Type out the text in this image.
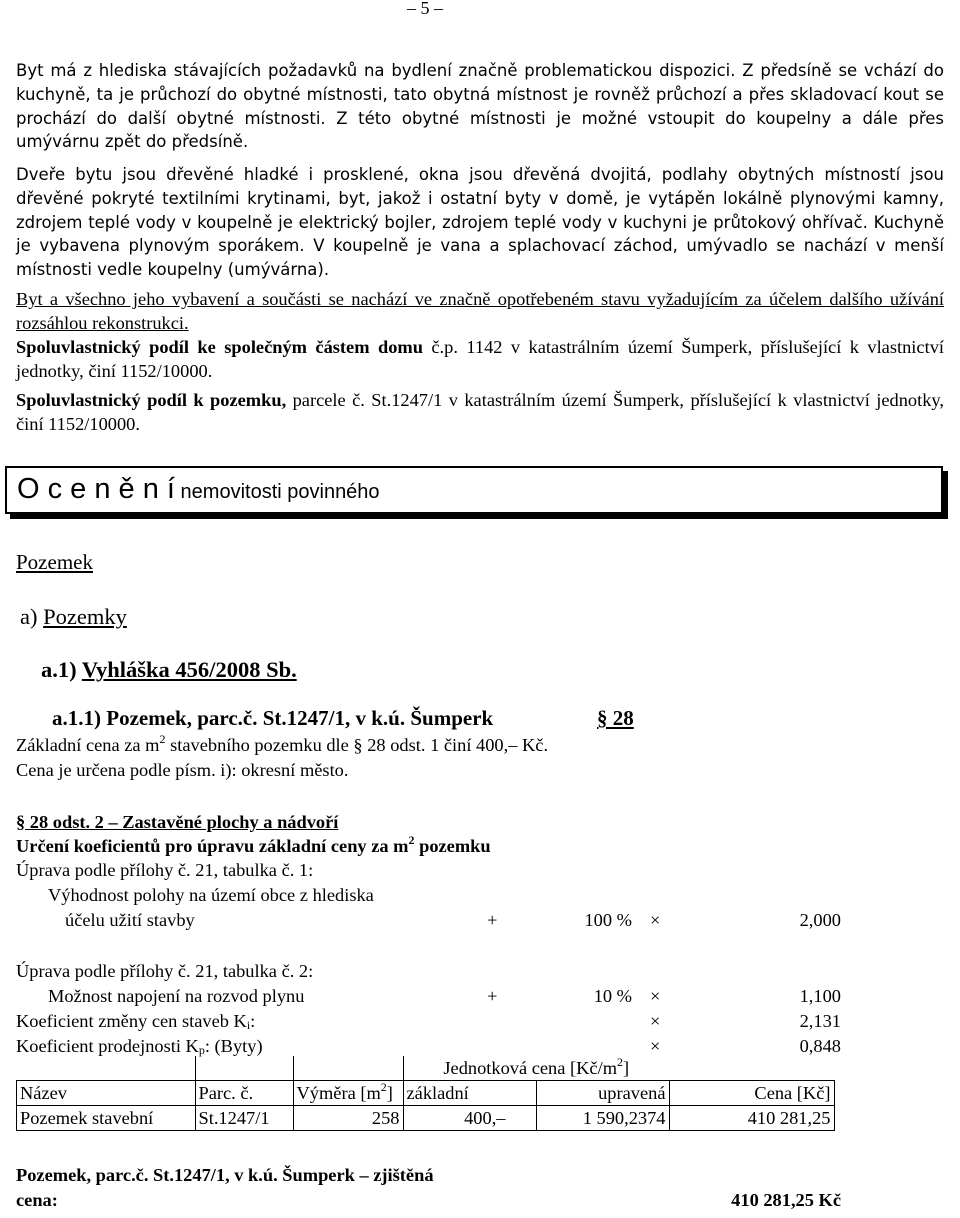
– 5 –
Byt má z hlediska stávajících požadavků na bydlení značně problematickou dispozici. Z předsíně se vchází do kuchyně, ta je průchozí do obytné místnosti, tato obytná místnost je rovněž průchozí a přes skladovací kout se prochází do další obytné místnosti. Z této obytné místnosti je možné vstoupit do koupelny a dále přes umývárnu zpět do předsíně.
Dveře bytu jsou dřevěné hladké i prosklené, okna jsou dřevěná dvojitá, podlahy obytných místností jsou dřevěné pokryté textilními krytinami, byt, jakož i ostatní byty v domě, je vytápěn lokálně plynovými kamny, zdrojem teplé vody v koupelně je elektrický bojler, zdrojem teplé vody v kuchyni je průtokový ohřívač. Kuchyně je vybavena plynovým sporákem. V koupelně je vana a splachovací záchod, umývadlo se nachází v menší místnosti vedle koupelny (umývárna).
Byt a všechno jeho vybavení a součásti se nachází ve značně opotřebeném stavu vyžadujícím za účelem dalšího užívání rozsáhlou rekonstrukci.
Spoluvlastnický podíl ke společným částem domu č.p. 1142 v katastrálním území Šumperk, příslušející k vlastnictví jednotky, činí 1152/10000.
Spoluvlastnický podíl k pozemku, parcele č. St.1247/1 v katastrálním území Šumperk, příslušející k vlastnictví jednotky, činí 1152/10000.
O c e n ě n í nemovitosti povinného
Pozemek
a) Pozemky
a.1) Vyhláška 456/2008 Sb.
a.1.1) Pozemek, parc.č. St.1247/1, v k.ú. Šumperk	§ 28
Základní cena za $m^2$ stavebního pozemku dle § 28 odst. 1 činí 400,– Kč.
Cena je určena podle písm. i): okresní město.
§ 28 odst. 2 – Zastavěné plochy a nádvoří
Určení koeficientů pro úpravu základní ceny za $m^2$ pozemku
Úprava podle přílohy č. 21, tabulka č. 1:
Výhodnost polohy na území obce z hlediska
účelu užití stavby	+	100 % ×	2,000
Úprava podle přílohy č. 21, tabulka č. 2:
Možnost napojení na rozvod plynu	+	10 % ×	1,100
Koeficient změny cen staveb $K_i$:	×	2,131
Koeficient prodejnosti $K_p$: (Byty)	×	0,848
			Jednotková cena $[Kč/m^2]$		
Název	Parc. č.	Výměra $[m^2]$	základní	upravená	Cena [Kč]
Pozemek stavební	St.1247/1	258	400,–	1 590,2374	410 281,25
Pozemek, parc.č. St.1247/1, v k.ú. Šumperk – zjištěná
cena:	410 281,25 Kč
